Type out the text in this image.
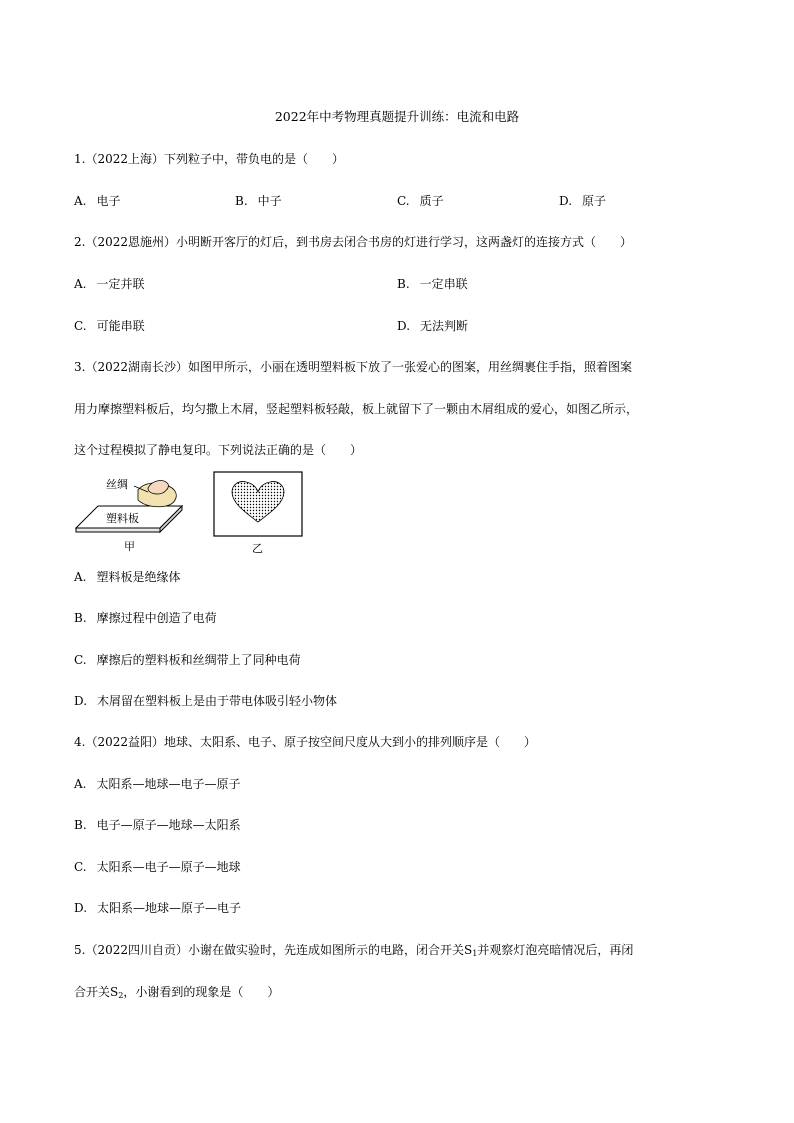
2022年中考物理真题提升训练：电流和电路
1.（2022上海）下列粒子中，带负电的是（　　）
A. 电子	B. 中子	C. 质子	D. 原子
2.（2022恩施州）小明断开客厅的灯后，到书房去闭合书房的灯进行学习，这两盏灯的连接方式（　　）
A. 一定并联	B. 一定串联
C. 可能串联	D. 无法判断
3.（2022湖南长沙）如图甲所示，小丽在透明塑料板下放了一张爱心的图案，用丝绸裹住手指，照着图案
用力摩擦塑料板后，均匀撒上木屑，竖起塑料板轻敲，板上就留下了一颗由木屑组成的爱心，如图乙所示，
这个过程模拟了静电复印。下列说法正确的是（　　）
丝绸
塑料板
甲	乙
A. 塑料板是绝缘体
B. 摩擦过程中创造了电荷
C. 摩擦后的塑料板和丝绸带上了同种电荷
D. 木屑留在塑料板上是由于带电体吸引轻小物体
4.（2022益阳）地球、太阳系、电子、原子按空间尺度从大到小的排列顺序是（　　）
A. 太阳系—地球—电子—原子
B. 电子—原子—地球—太阳系
C. 太阳系—电子—原子—地球
D. 太阳系—地球—原子—电子
5.（2022四川自贡）小谢在做实验时，先连成如图所示的电路，闭合开关$S_1$并观察灯泡亮暗情况后，再闭
合开关$S_2$，小谢看到的现象是（　　）
